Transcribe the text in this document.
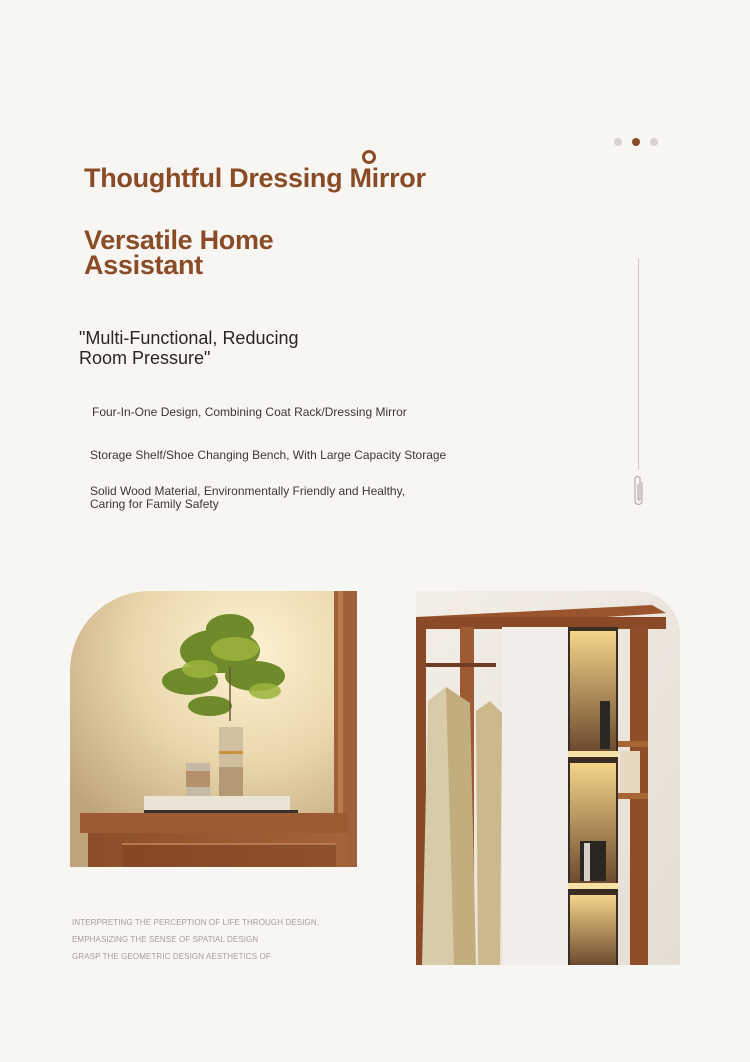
Thoughtful Dressing Mirror
Versatile Home
Assistant
"Multi-Functional, Reducing
Room Pressure"
Four-In-One Design, Combining Coat Rack/Dressing Mirror
Storage Shelf/Shoe Changing Bench, With Large Capacity Storage
Solid Wood Material, Environmentally Friendly and Healthy,
Caring for Family Safety
INTERPRETING THE PERCEPTION OF LIFE THROUGH DESIGN,
EMPHASIZING THE SENSE OF SPATIAL DESIGN
GRASP THE GEOMETRIC DESIGN AESTHETICS OF
